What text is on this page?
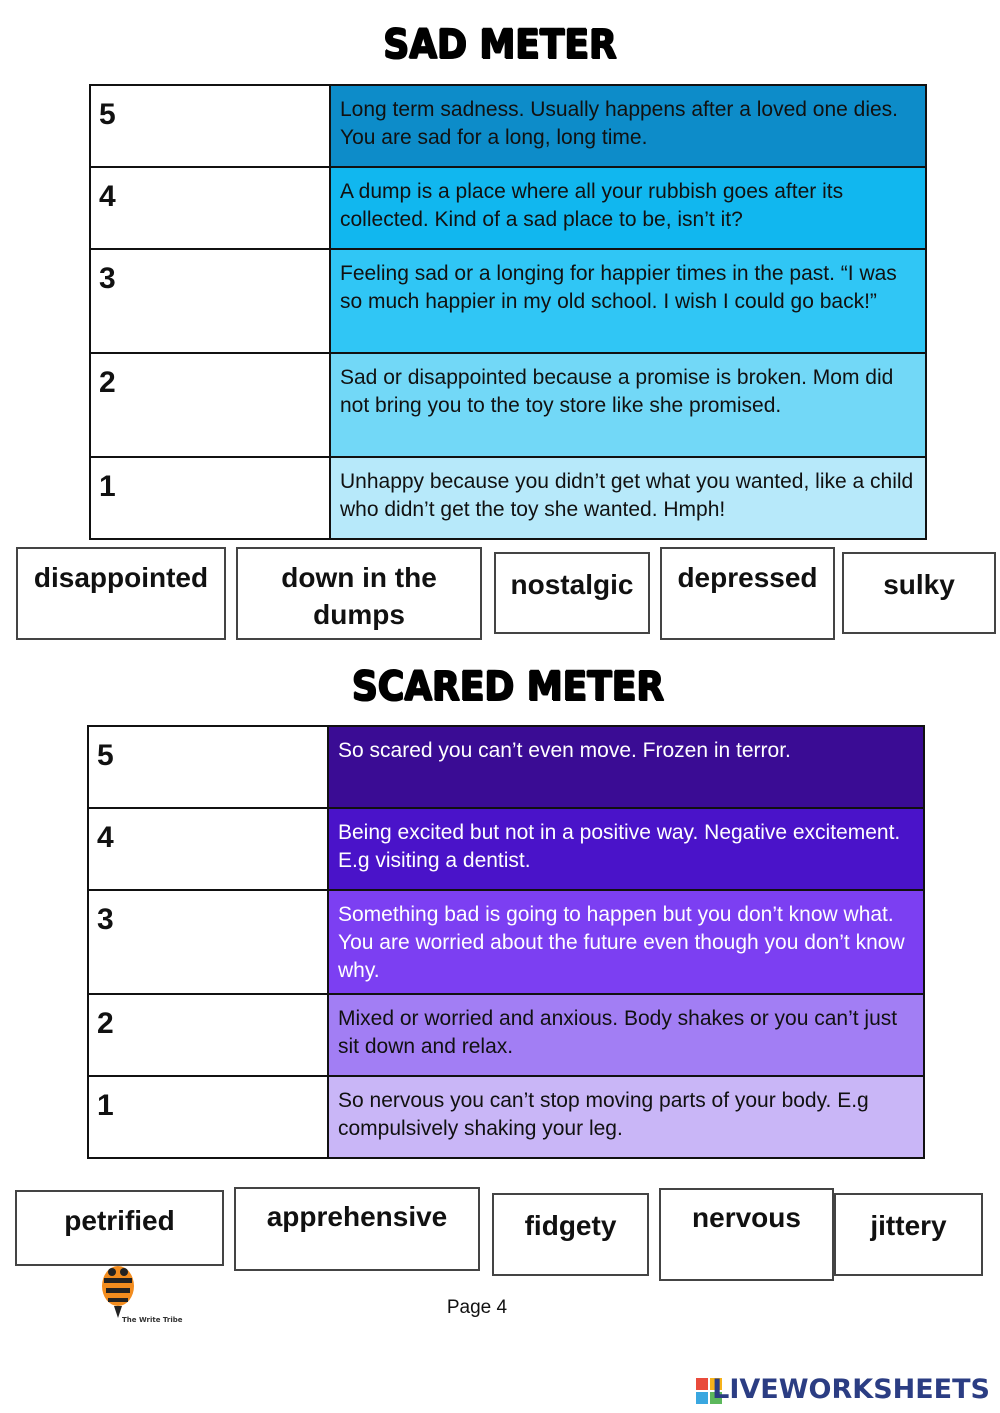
SAD METER
5	Long term sadness. Usually happens after a loved one dies. You are sad for a long, long time.
4	A dump is a place where all your rubbish goes after its collected. Kind of a sad place to be, isn’t it?
3	Feeling sad or a longing for happier times in the past. “I was so much happier in my old school. I wish I could go back!”
2	Sad or disappointed because a promise is broken. Mom did not bring you to the toy store like she promised.
1	Unhappy because you didn’t get what you wanted, like a child who didn’t get the toy she wanted. Hmph!
disappointed	down in the dumps
nostalgic	depressed	sulky
SCARED METER
5	So scared you can’t even move. Frozen in terror.
4	Being excited but not in a positive way. Negative excitement. E.g visiting a dentist.
3	Something bad is going to happen but you don’t know what. You are worried about the future even though you don’t know why.
2	Mixed or worried and anxious. Body shakes or you can’t just sit down and relax.
1	So nervous you can’t stop moving parts of your body. E.g compulsively shaking your leg.
petrified	apprehensive	fidgety	nervous	jittery
The Write Tribe
Page 4
LIVEWORKSHEETS
